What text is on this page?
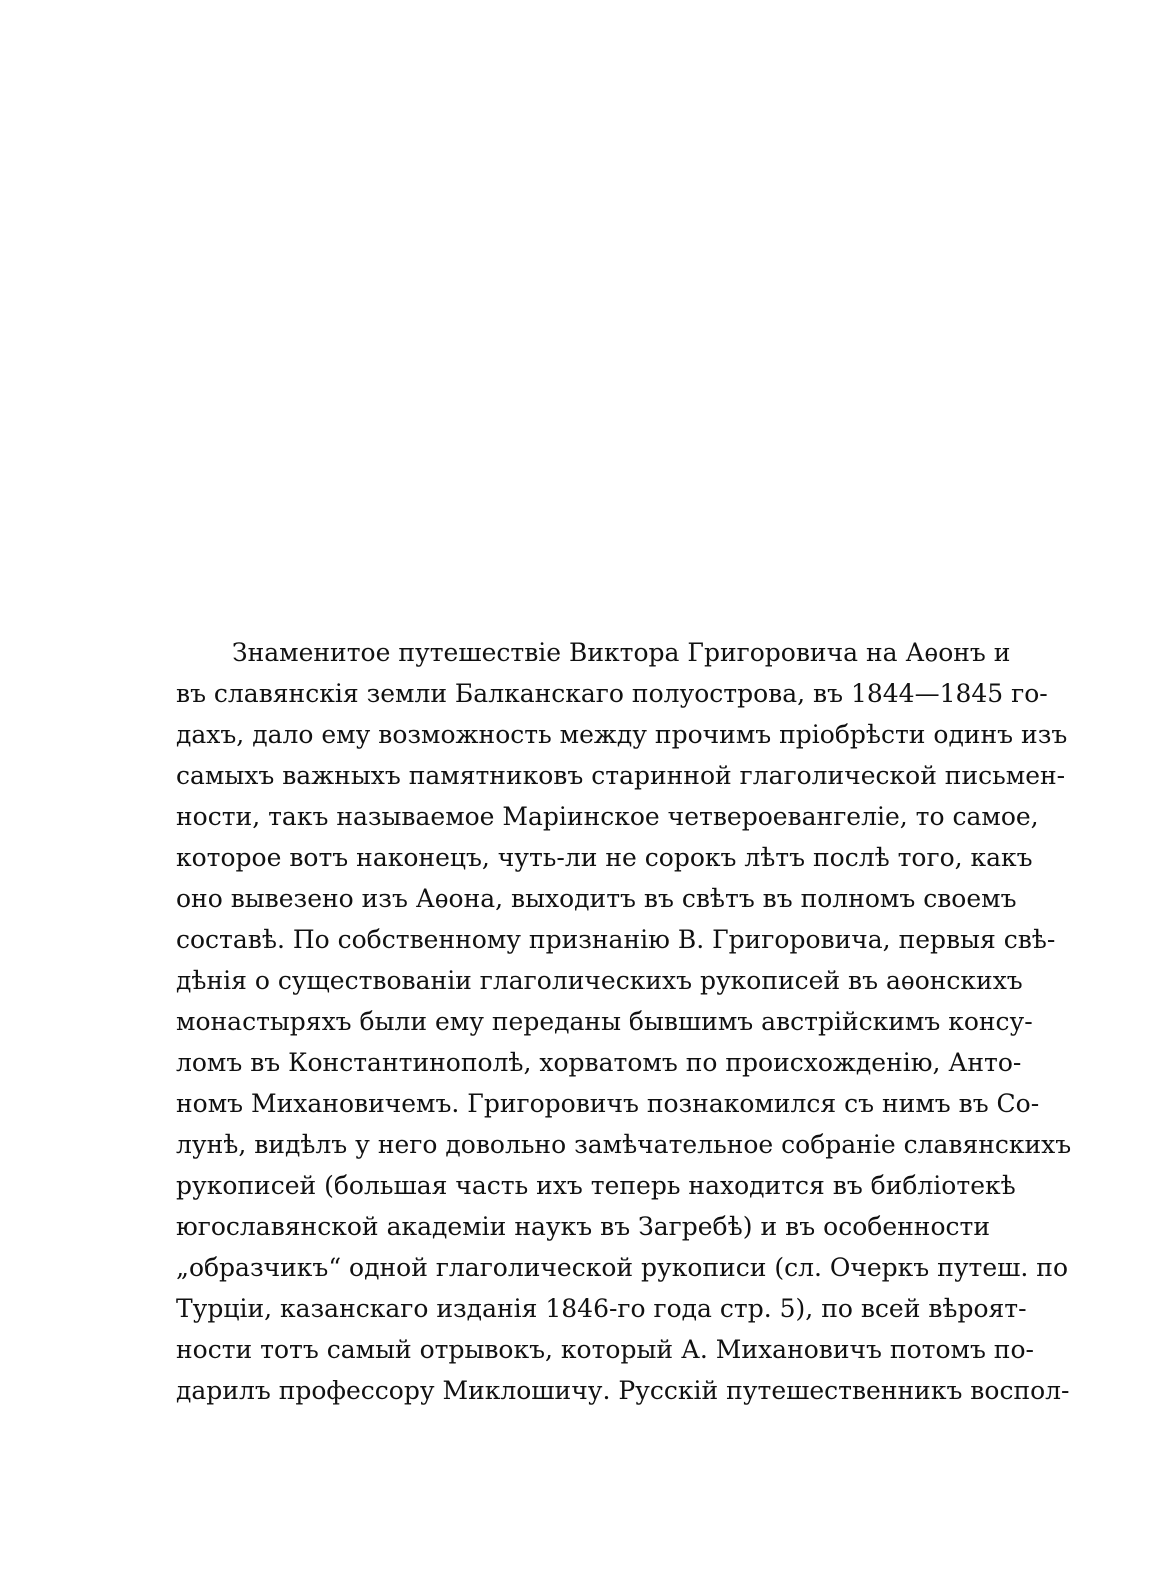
Знаменитое путешествіе Виктора Григоровича на Аѳонъ и
въ славянскія земли Балканскаго полуострова, въ 1844—1845 го-
дахъ, дало ему возможность между прочимъ пріобрѣсти одинъ изъ
самыхъ важныхъ памятниковъ старинной глаголической письмен-
ности, такъ называемое Маріинское четвероевангеліе, то самое,
которое вотъ наконецъ, чуть-ли не сорокъ лѣтъ послѣ того, какъ
оно вывезено изъ Аѳона, выходитъ въ свѣтъ въ полномъ своемъ
составѣ. По собственному признанію В. Григоровича, первыя свѣ-
дѣнія о существованіи глаголическихъ рукописей въ аѳонскихъ
монастыряхъ были ему переданы бывшимъ австрійскимъ консу-
ломъ въ Константинополѣ, хорватомъ по происхожденію, Анто-
номъ Михановичемъ. Григоровичъ познакомился съ нимъ въ Со-
лунѣ, видѣлъ у него довольно замѣчательное собраніе славянскихъ
рукописей (большая часть ихъ теперь находится въ библіотекѣ
югославянской академіи наукъ въ Загребѣ) и въ особенности
„образчикъ“ одной глаголической рукописи (сл. Очеркъ путеш. по
Турціи, казанскаго изданія 1846-го года стр. 5), по всей вѣроят-
ности тотъ самый отрывокъ, который А. Михановичъ потомъ по-
дарилъ профессору Миклошичу. Русскій путешественникъ воспол-
